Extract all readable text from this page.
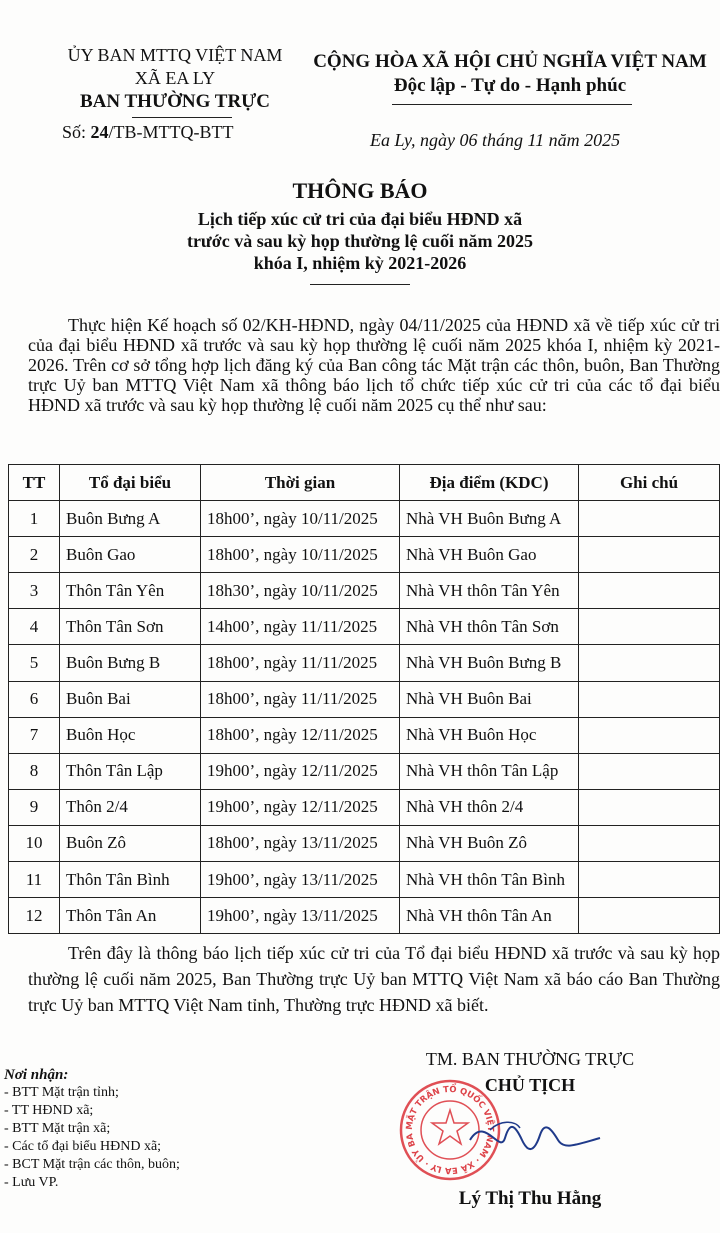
ỦY BAN MTTQ VIỆT NAM
XÃ EA LY
BAN THƯỜNG TRỰC
Số: 24/TB-MTTQ-BTT
CỘNG HÒA XÃ HỘI CHỦ NGHĨA VIỆT NAM
Độc lập - Tự do - Hạnh phúc
Ea Ly, ngày 06 tháng 11 năm 2025
THÔNG BÁO
Lịch tiếp xúc cử tri của đại biểu HĐND xã
trước và sau kỳ họp thường lệ cuối năm 2025
khóa I, nhiệm kỳ 2021-2026
Thực hiện Kế hoạch số 02/KH-HĐND, ngày 04/11/2025 của HĐND xã về tiếp xúc cử tri của đại biểu HĐND xã trước và sau kỳ họp thường lệ cuối năm 2025 khóa I, nhiệm kỳ 2021-2026. Trên cơ sở tổng hợp lịch đăng ký của Ban công tác Mặt trận các thôn, buôn, Ban Thường trực Uỷ ban MTTQ Việt Nam xã thông báo lịch tổ chức tiếp xúc cử tri của các tổ đại biểu HĐND xã trước và sau kỳ họp thường lệ cuối năm 2025 cụ thể như sau:
TT	Tổ đại biểu	Thời gian	Địa điểm (KDC)	Ghi chú
1	Buôn Bưng A	18h00’, ngày 10/11/2025	Nhà VH Buôn Bưng A	
2	Buôn Gao	18h00’, ngày 10/11/2025	Nhà VH Buôn Gao	
3	Thôn Tân Yên	18h30’, ngày 10/11/2025	Nhà VH thôn Tân Yên	
4	Thôn Tân Sơn	14h00’, ngày 11/11/2025	Nhà VH thôn Tân Sơn	
5	Buôn Bưng B	18h00’, ngày 11/11/2025	Nhà VH Buôn Bưng B	
6	Buôn Bai	18h00’, ngày 11/11/2025	Nhà VH Buôn Bai	
7	Buôn Học	18h00’, ngày 12/11/2025	Nhà VH Buôn Học	
8	Thôn Tân Lập	19h00’, ngày 12/11/2025	Nhà VH thôn Tân Lập	
9	Thôn 2/4	19h00’, ngày 12/11/2025	Nhà VH thôn 2/4	
10	Buôn Zô	18h00’, ngày 13/11/2025	Nhà VH Buôn Zô	
11	Thôn Tân Bình	19h00’, ngày 13/11/2025	Nhà VH thôn Tân Bình	
12	Thôn Tân An	19h00’, ngày 13/11/2025	Nhà VH thôn Tân An	
Trên đây là thông báo lịch tiếp xúc cử tri của Tổ đại biểu HĐND xã trước và sau kỳ họp thường lệ cuối năm 2025, Ban Thường trực Uỷ ban MTTQ Việt Nam xã báo cáo Ban Thường trực Uỷ ban MTTQ Việt Nam tỉnh, Thường trực HĐND xã biết.
Nơi nhận:
- BTT Mặt trận tỉnh;
- TT HĐND xã;
- BTT Mặt trận xã;
- Các tổ đại biểu HĐND xã;
- BCT Mặt trận các thôn, buôn;
- Lưu VP.
TM. BAN THƯỜNG TRỰC
CHỦ TỊCH
MẶT TRẬN TỔ QUỐC VIỆT NAM · XÃ EA LY · ỦY BA
Lý Thị Thu Hằng
